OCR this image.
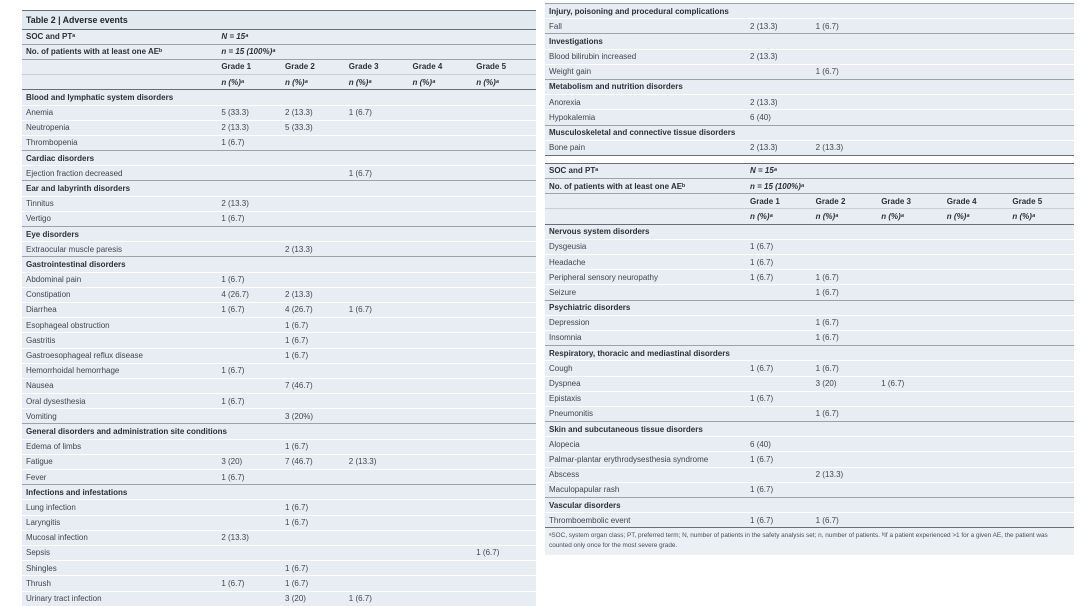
Table 2 | Adverse events					
SOC and PTᵃ	N = 15ᵃ				
No. of patients with at least one AEᵇ	n = 15 (100%)ᵃ				
	Grade 1	Grade 2	Grade 3	Grade 4	Grade 5
	n (%)ᵃ	n (%)ᵃ	n (%)ᵃ	n (%)ᵃ	n (%)ᵃ
Blood and lymphatic system disorders					
Anemia	5 (33.3)	2 (13.3)	1 (6.7)		
Neutropenia	2 (13.3)	5 (33.3)			
Thrombopenia	1 (6.7)				
Cardiac disorders					
Ejection fraction decreased			1 (6.7)		
Ear and labyrinth disorders					
Tinnitus	2 (13.3)				
Vertigo	1 (6.7)				
Eye disorders					
Extraocular muscle paresis		2 (13.3)			
Gastrointestinal disorders					
Abdominal pain	1 (6.7)				
Constipation	4 (26.7)	2 (13.3)			
Diarrhea	1 (6.7)	4 (26.7)	1 (6.7)		
Esophageal obstruction		1 (6.7)			
Gastritis		1 (6.7)			
Gastroesophageal reflux disease		1 (6.7)			
Hemorrhoidal hemorrhage	1 (6.7)				
Nausea		7 (46.7)			
Oral dysesthesia	1 (6.7)				
Vomiting		3 (20%)			
General disorders and administration site conditions					
Edema of limbs		1 (6.7)			
Fatigue	3 (20)	7 (46.7)	2 (13.3)		
Fever	1 (6.7)				
Infections and infestations					
Lung infection		1 (6.7)			
Laryngitis		1 (6.7)			
Mucosal infection	2 (13.3)				
Sepsis					1 (6.7)
Shingles		1 (6.7)			
Thrush	1 (6.7)	1 (6.7)			
Urinary tract infection		3 (20)	1 (6.7)		
Injury, poisoning and procedural complications					
Fall	2 (13.3)	1 (6.7)			
Investigations					
Blood bilirubin increased	2 (13.3)				
Weight gain		1 (6.7)			
Metabolism and nutrition disorders					
Anorexia	2 (13.3)				
Hypokalemia	6 (40)				
Musculoskeletal and connective tissue disorders					
Bone pain	2 (13.3)	2 (13.3)			
SOC and PTᵃ	N = 15ᵃ				
No. of patients with at least one AEᵇ	n = 15 (100%)ᵃ				
	Grade 1	Grade 2	Grade 3	Grade 4	Grade 5
	n (%)ᵃ	n (%)ᵃ	n (%)ᵃ	n (%)ᵃ	n (%)ᵃ
Nervous system disorders					
Dysgeusia	1 (6.7)				
Headache	1 (6.7)				
Peripheral sensory neuropathy	1 (6.7)	1 (6.7)			
Seizure		1 (6.7)			
Psychiatric disorders					
Depression		1 (6.7)			
Insomnia		1 (6.7)			
Respiratory, thoracic and mediastinal disorders					
Cough	1 (6.7)	1 (6.7)			
Dyspnea		3 (20)	1 (6.7)		
Epistaxis	1 (6.7)				
Pneumonitis		1 (6.7)			
Skin and subcutaneous tissue disorders					
Alopecia	6 (40)				
Palmar-plantar erythrodysesthesia syndrome	1 (6.7)				
Abscess		2 (13.3)			
Maculopapular rash	1 (6.7)				
Vascular disorders					
Thromboembolic event	1 (6.7)	1 (6.7)			
ᵃSOC, system organ class; PT, preferred term; N, number of patients in the safety analysis set; n, number of patients. ᵇIf a patient experienced >1 for a given AE, the patient was counted only once for the most severe grade.
